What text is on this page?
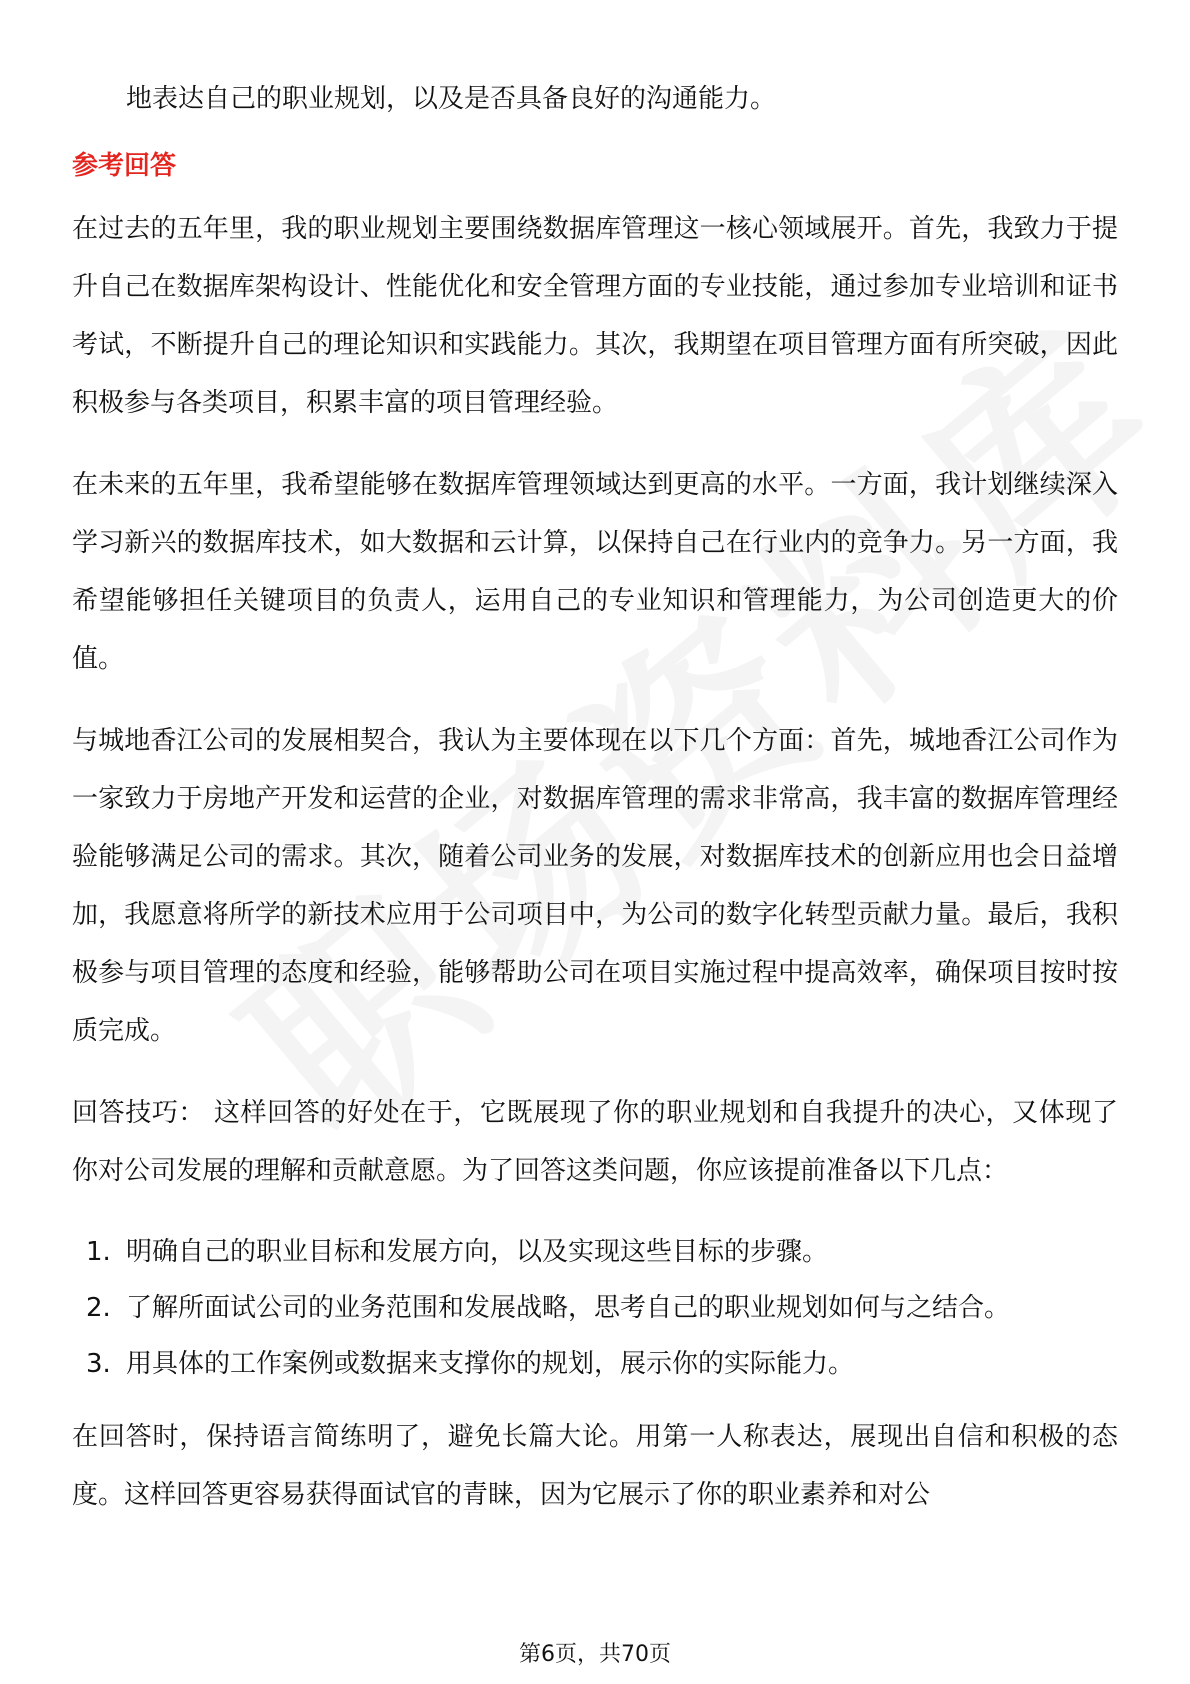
地表达自己的职业规划，以及是否具备良好的沟通能力。

参考回答

在过去的五年里，我的职业规划主要围绕数据库管理这一核心领域展开。首先，我致力于提升自己在数据库架构设计、性能优化和安全管理方面的专业技能，通过参加专业培训和证书考试，不断提升自己的理论知识和实践能力。其次，我期望在项目管理方面有所突破，因此积极参与各类项目，积累丰富的项目管理经验。

在未来的五年里，我希望能够在数据库管理领域达到更高的水平。一方面，我计划继续深入学习新兴的数据库技术，如大数据和云计算，以保持自己在行业内的竞争力。另一方面，我希望能够担任关键项目的负责人，运用自己的专业知识和管理能力，为公司创造更大的价值。

与城地香江公司的发展相契合，我认为主要体现在以下几个方面：首先，城地香江公司作为一家致力于房地产开发和运营的企业，对数据库管理的需求非常高，我丰富的数据库管理经验能够满足公司的需求。其次，随着公司业务的发展，对数据库技术的创新应用也会日益增加，我愿意将所学的新技术应用于公司项目中，为公司的数字化转型贡献力量。最后，我积极参与项目管理的态度和经验，能够帮助公司在项目实施过程中提高效率，确保项目按时按质完成。

回答技巧： 这样回答的好处在于，它既展现了你的职业规划和自我提升的决心，又体现了你对公司发展的理解和贡献意愿。为了回答这类问题，你应该提前准备以下几点：

1. 明确自己的职业目标和发展方向，以及实现这些目标的步骤。
2. 了解所面试公司的业务范围和发展战略，思考自己的职业规划如何与之结合。
3. 用具体的工作案例或数据来支撑你的规划，展示你的实际能力。

在回答时，保持语言简练明了，避免长篇大论。用第一人称表达，展现出自信和积极的态度。这样回答更容易获得面试官的青睐，因为它展示了你的职业素养和对公

第6页，共70页
